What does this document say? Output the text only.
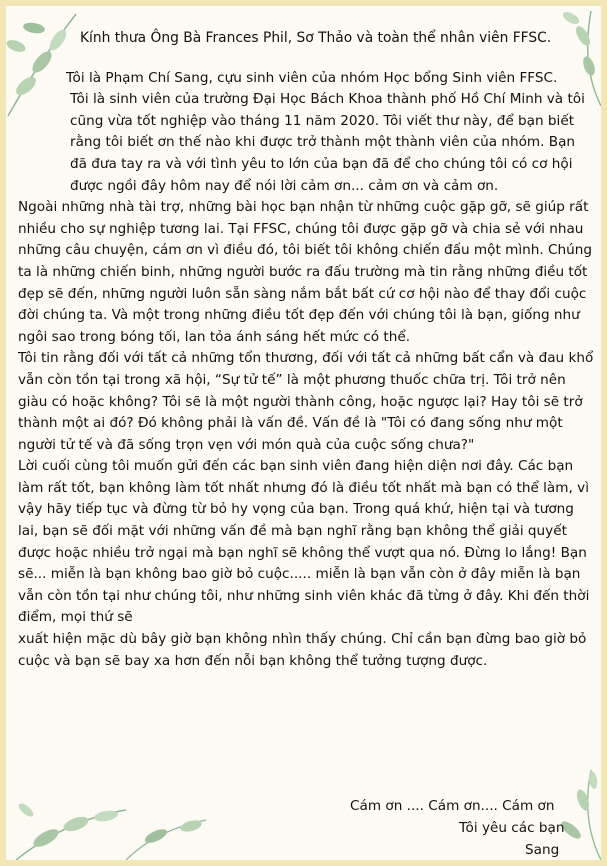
Kính thưa Ông Bà Frances Phil, Sơ Thảo và toàn thể nhân viên FFSC.

Tôi là Phạm Chí Sang, cựu sinh viên của nhóm Học bổng Sinh viên FFSC.

Tôi là sinh viên của trường Đại Học Bách Khoa thành phố Hồ Chí Minh và tôi cũng vừa tốt nghiệp vào tháng 11 năm 2020. Tôi viết thư này, để bạn biết rằng tôi biết ơn thế nào khi được trở thành một thành viên của nhóm. Bạn đã đưa tay ra và với tình yêu to lớn của bạn đã để cho chúng tôi có cơ hội được ngồi đây hôm nay để nói lời cảm ơn... cảm ơn và cảm ơn.

Ngoài những nhà tài trợ, những bài học bạn nhận từ những cuộc gặp gỡ, sẽ giúp rất nhiều cho sự nghiệp tương lai. Tại FFSC, chúng tôi được gặp gỡ và chia sẻ với nhau những câu chuyện, cám ơn vì điều đó, tôi biết tôi không chiến đấu một mình. Chúng ta là những chiến binh, những người bước ra đấu trường mà tin rằng những điều tốt đẹp sẽ đến, những người luôn sẵn sàng nắm bắt bất cứ cơ hội nào để thay đổi cuộc đời chúng ta. Và một trong những điều tốt đẹp đến với chúng tôi là bạn, giống như ngôi sao trong bóng tối, lan tỏa ánh sáng hết mức có thể.

Tôi tin rằng đối với tất cả những tổn thương, đối với tất cả những bất cẩn và đau khổ vẫn còn tồn tại trong xã hội, “Sự tử tế” là một phương thuốc chữa trị. Tôi trở nên giàu có hoặc không? Tôi sẽ là một người thành công, hoặc ngược lại? Hay tôi sẽ trở thành một ai đó? Đó không phải là vấn đề. Vấn đề là "Tôi có đang sống như một người tử tế và đã sống trọn vẹn với món quà của cuộc sống chưa?"

Lời cuối cùng tôi muốn gửi đến các bạn sinh viên đang hiện diện nơi đây. Các bạn làm rất tốt, bạn không làm tốt nhất nhưng đó là điều tốt nhất mà bạn có thể làm, vì vậy hãy tiếp tục và đừng từ bỏ hy vọng của bạn. Trong quá khứ, hiện tại và tương lai, bạn sẽ đối mặt với những vấn đề mà bạn nghĩ rằng bạn không thể giải quyết được hoặc nhiều trở ngại mà bạn nghĩ sẽ không thể vượt qua nó. Đừng lo lắng! Bạn sẽ... miễn là bạn không bao giờ bỏ cuộc..... miễn là bạn vẫn còn ở đây miễn là bạn vẫn còn tồn tại như chúng tôi, như những sinh viên khác đã từng ở đây. Khi đến thời điểm, mọi thứ sẽ

xuất hiện mặc dù bây giờ bạn không nhìn thấy chúng. Chỉ cần bạn đừng bao giờ bỏ cuộc và bạn sẽ bay xa hơn đến nỗi bạn không thể tưởng tượng được.

Cám ơn .... Cám ơn.... Cám ơn
Tôi yêu các bạn
Sang
